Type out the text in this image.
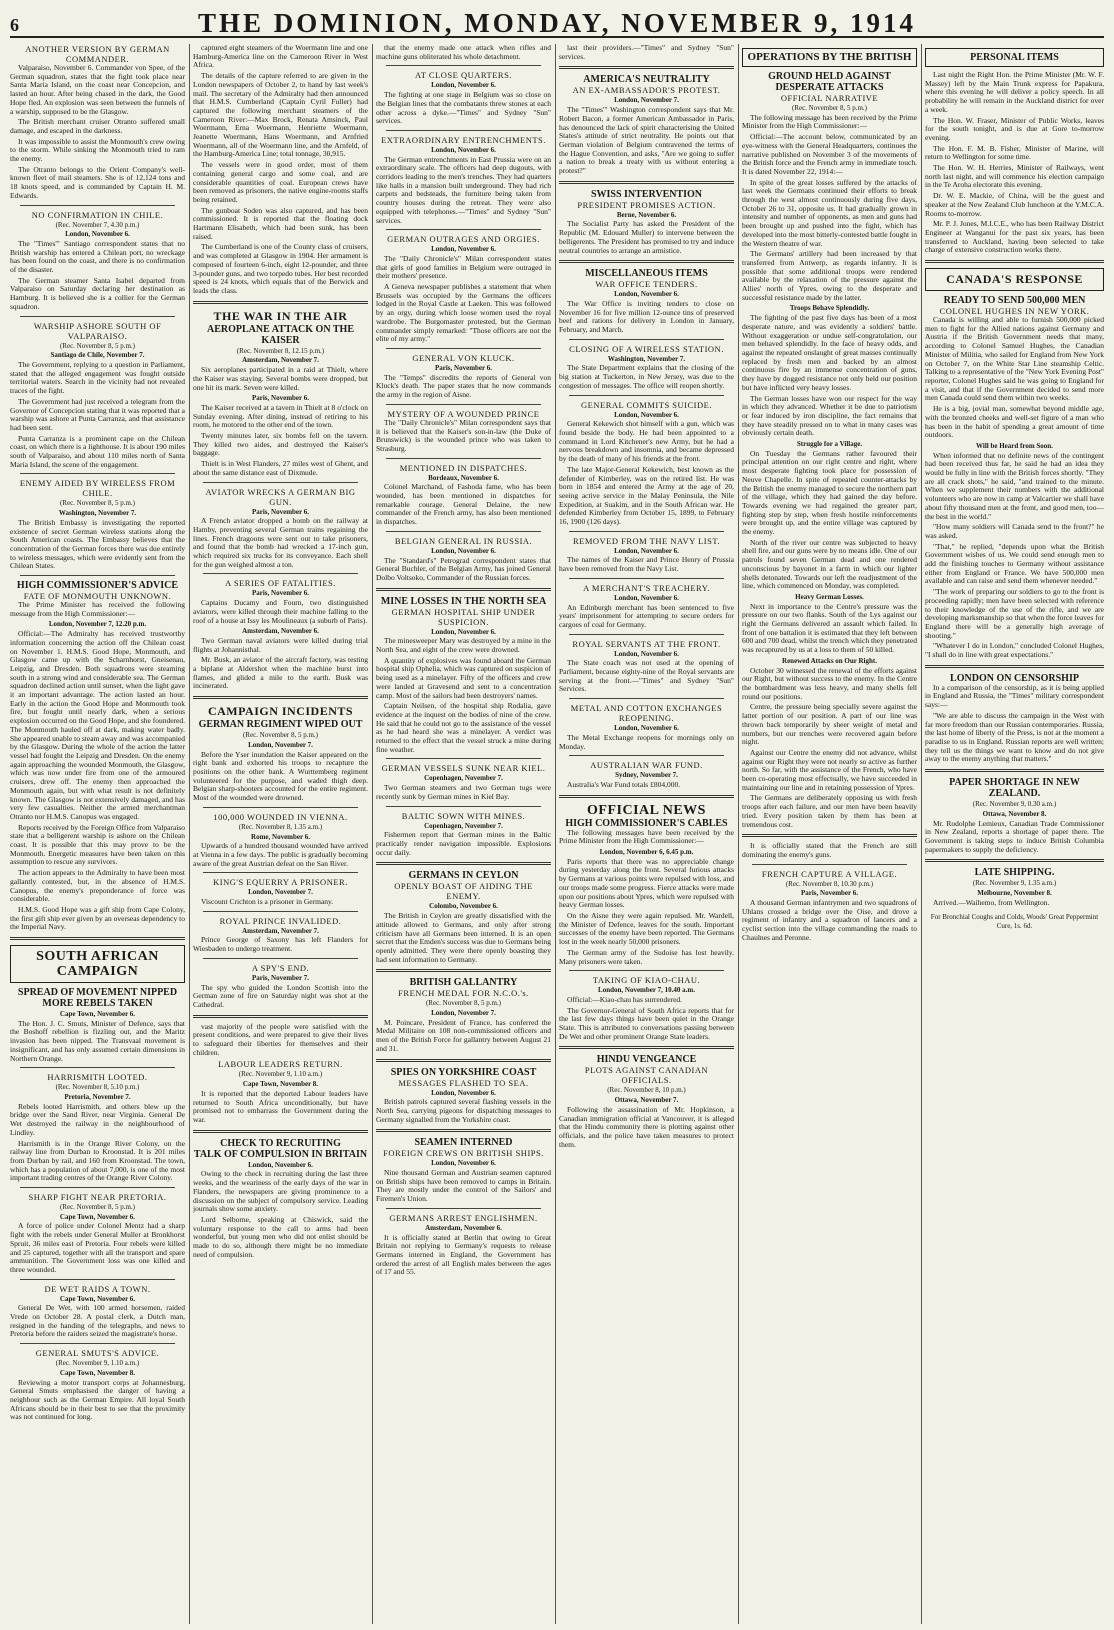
6	THE DOMINION, MONDAY, NOVEMBER 9, 1914
ANOTHER VERSION BY GERMAN COMMANDER.

Valparaiso, November 6. Commander von Spee, of the German squadron, states that the fight took place near Santa Maria Island, on the coast near Concepcion, and lasted an hour. After being chased in the dark, the Good Hope fled. An explosion was seen between the funnels of a warship, supposed to be the Glasgow.

The British merchant cruiser Otranto suffered small damage, and escaped in the darkness.

It was impossible to assist the Monmouth's crew owing to the storm. While sinking the Monmouth tried to ram the enemy.

The Otranto belongs to the Orient Company's well-known fleet of mail steamers. She is of 12,124 tons and 18 knots speed, and is commanded by Captain H. M. Edwards.

NO CONFIRMATION IN CHILE.
(Rec. November 7, 4.30 p.m.)
London, November 6.

The "Times'" Santiago correspondent states that no British warship has entered a Chilean port, no wreckage has been found on the coast, and there is no confirmation of the disaster.

The German steamer Santa Isabel departed from Valparaiso on Saturday declaring her destination as Hamburg. It is believed she is a collier for the German squadron.

WARSHIP ASHORE SOUTH OF VALPARAISO.
(Rec. November 8, 5 p.m.)
Santiago de Chile, November 7.

The Government, replying to a question in Parliament, stated that the alleged engagement was fought outside territorial waters. Search in the vicinity had not revealed traces of the fight.

The Government had just received a telegram from the Governor of Concepcion stating that it was reported that a warship was ashore at Punta Carranza, and that assistance had been sent.

Punta Carranza is a prominent cape on the Chilean coast, on which there is a lighthouse. It is about 190 miles south of Valparaiso, and about 110 miles north of Santa Maria Island, the scene of the engagement.

ENEMY AIDED BY WIRELESS FROM CHILE.
(Rec. November 8, 5 p.m.)
Washington, November 7.

The British Embassy is investigating the reported existence of secret German wireless stations along the South American coasts. The Embassy believes that the concentration of the German forces there was due entirely to wireless messages, which were evidently sent from the Chilean States.

HIGH COMMISSIONER'S ADVICE
FATE OF MONMOUTH UNKNOWN.

The Prime Minister has received the following message from the High Commissioner:—

London, November 7, 12.20 p.m.

Official:—The Admiralty has received trustworthy information concerning the action off the Chilean coast on November 1. H.M.S. Good Hope, Monmouth, and Glasgow came up with the Scharnhorst, Gneisenau, Leipzig, and Dresden. Both squadrons were steaming south in a strong wind and considerable sea. The German squadron declined action until sunset, when the light gave it an important advantage. The action lasted an hour. Early in the action the Good Hope and Monmouth took fire, but fought until nearly dark, when a serious explosion occurred on the Good Hope, and she foundered. The Monmouth hauled off at dark, making water badly. She appeared unable to steam away and was accompanied by the Glasgow. During the whole of the action the latter vessel had fought the Leipzig and Dresden. On the enemy again approaching the wounded Monmouth, the Glasgow, which was now under fire from one of the armoured cruisers, drew off. The enemy then approached the Monmouth again, but with what result is not definitely known. The Glasgow is not extensively damaged, and has very few casualties. Neither the armed merchantman Otranto nor H.M.S. Canopus was engaged.

Reports received by the Foreign Office from Valparaiso state that a belligerent warship is ashore on the Chilean coast. It is possible that this may prove to be the Monmouth. Energetic measures have been taken on this assumption to rescue any survivors.

The action appears to the Admiralty to have been most gallantly contested, but, in the absence of H.M.S. Canopus, the enemy's preponderance of force was considerable.

H.M.S. Good Hope was a gift ship from Cape Colony, the first gift ship ever given by an overseas dependency to the Imperial Navy.

SOUTH AFRICAN CAMPAIGN
SPREAD OF MOVEMENT NIPPED
MORE REBELS TAKEN
Cape Town, November 6.

The Hon. J. C. Smuts, Minister of Defence, says that the Boshoff rebellion is fizzling out, and the Maritz invasion has been nipped. The Transvaal movement is insignificant, and has only assumed certain dimensions in Northern Orange.

HARRISMITH LOOTED.
(Rec. November 8, 5.10 p.m.)
Pretoria, November 7.

Rebels looted Harrismith, and others blew up the bridge over the Sand River, near Virginia. General De Wet destroyed the railway in the neighbourhood of Lindley.

Harrismith is in the Orange River Colony, on the railway line from Durban to Kroonstad. It is 201 miles from Durban by rail, and 160 from Kroonstad. The town, which has a population of about 7,000, is one of the most important trading centres of the Orange River Colony.

SHARP FIGHT NEAR PRETORIA.
(Rec. November 8, 5 p.m.)
Cape Town, November 6.

A force of police under Colonel Mentz had a sharp fight with the rebels under General Muller at Bronkhorst Spruit, 36 miles east of Pretoria. Four rebels were killed and 25 captured, together with all the transport and spare ammunition. The Government loss was one killed and three wounded.

DE WET RAIDS A TOWN.
Cape Town, November 6.

General De Wet, with 100 armed horsemen, raided Vrede on October 28. A postal clerk, a Dutch man, resigned in the handing of the telegraphs, and news to Pretoria before the raiders seized the magistrate's horse.

GENERAL SMUTS'S ADVICE.
(Rec. November 9, 1.10 a.m.)
Cape Town, November 8.

Reviewing a motor transport corps at Johannesburg, General Smuts emphasised the danger of having a neighbour such as the German Empire. All loyal South Africans should be in their best to see that the proximity was not continued for long.

captured eight steamers of the Woermann line and one Hamburg-America line on the Cameroon River in West Africa.

The details of the capture referred to are given in the London newspapers of October 2, to hand by last week's mail. The secretary of the Admiralty had then announced that H.M.S. Cumberland (Captain Cyril Fuller) had captured the following merchant steamers of the Cameroon River:—Max Brock, Renata Amsinck, Paul Woermann, Erna Woermann, Henriette Woermann, Jeanette Woermann, Hans Woermann, and Arnfried Woermann, all of the Woermann line, and the Arnfeld, of the Hamburg-America Line; total tonnage, 30,915.

The vessels were in good order, most of them containing general cargo and some coal, and are considerable quantities of coal. European crews have been removed as prisoners, the native engine-rooms staffs being retained.

The gunboat Soden was also captured, and has been commissioned. It is reported that the floating dock Hartmann Elisabeth, which had been sunk, has been raised.

The Cumberland is one of the County class of cruisers, and was completed at Glasgow in 1904. Her armament is composed of fourteen 6-inch, eight 12-pounder, and three 3-pounder guns, and two torpedo tubes. Her best recorded speed is 24 knots, which equals that of the Berwick and leads the class.

THE WAR IN THE AIR
AEROPLANE ATTACK ON THE KAISER
(Rec. November 8, 12.15 p.m.)
Amsterdam, November 7.

Six aeroplanes participated in a raid at Thielt, where the Kaiser was staying. Several bombs were dropped, but one hit its mark. Seven were killed.

Paris, November 6.

The Kaiser received at a tavern in Thielt at 8 o'clock on Sunday evening. After dining, instead of retiring to his room, he motored to the other end of the town.

Twenty minutes later, six bombs fell on the tavern. They killed two aides, and destroyed the Kaiser's baggage.

Thielt is in West Flanders, 27 miles west of Ghent, and about the same distance east of Dixmude.

AVIATOR WRECKS A GERMAN BIG GUN.
Paris, November 6.

A French aviator dropped a bomb on the railway at Hamby, preventing several German trains regaining the lines. French dragoons were sent out to take prisoners, and found that the bomb had wrecked a 17-inch gun, which required six trucks for its conveyance. Each shell for the gun weighed almost a ton.

A SERIES OF FATALITIES.
Paris, November 6.

Captains Ducamy and Fourn, two distinguished aviators, were killed through their machine falling to the roof of a house at Issy les Moulineaux (a suburb of Paris).

Amsterdam, November 6.

Two German naval aviators were killed during trial flights at Johannisthal.

Mr. Busk, an aviator of the aircraft factory, was testing a biplane at Aldershot when the machine burst into flames, and glided a mile to the earth. Busk was incinerated.

CAMPAIGN INCIDENTS
GERMAN REGIMENT WIPED OUT
(Rec. November 8, 5 p.m.)
London, November 7.

Before the Yser inundation the Kaiser appeared on the right bank and exhorted his troops to recapture the positions on the other bank. A Wurttemberg regiment volunteered for the purpose, and waded thigh deep. Belgian sharp-shooters accounted for the entire regiment. Most of the wounded were drowned.

100,000 WOUNDED IN VIENNA.
(Rec. November 8, 1.35 a.m.)
Rome, November 6.

Upwards of a hundred thousand wounded have arrived at Vienna in a few days. The public is gradually becoming aware of the great Austrian defeat on the San River.

KING'S EQUERRY A PRISONER.
London, November 7.

Viscount Crichton is a prisoner in Germany.

ROYAL PRINCE INVALIDED.
Amsterdam, November 7.

Prince George of Saxony has left Flanders for Wiesbaden to undergo treatment.

A SPY'S END.
Paris, November 7.

The spy who guided the London Scottish into the German zone of fire on Saturday night was shot at the Cathedral.

vast majority of the people were satisfied with the present conditions, and were prepared to give their lives to safeguard their liberties for themselves and their children.

LABOUR LEADERS RETURN.
(Rec. November 9, 1.10 a.m.)
Cape Town, November 8.

It is reported that the deported Labour leaders have returned to South Africa unconditionally, but have promised not to embarrass the Government during the war.

CHECK TO RECRUITING
TALK OF COMPULSION IN BRITAIN
London, November 6.

Owing to the check in recruiting during the last three weeks, and the weariness of the early days of the war in Flanders, the newspapers are giving prominence to a discussion on the subject of compulsory service. Leading journals show some anxiety.

Lord Selborne, speaking at Chiswick, said the voluntary response to the call to arms had been wonderful, but young men who did not enlist should be made to do so, although there might be no immediate need of compulsion.

that the enemy made one attack when rifles and machine guns obliterated his whole detachment.

AT CLOSE QUARTERS.
London, November 6.

The fighting at one stage in Belgium was so close on the Belgian lines that the combatants threw stones at each other across a dyke.—"Times" and Sydney "Sun" services.

EXTRAORDINARY ENTRENCHMENTS.
London, November 6.

The German entrenchments in East Prussia were on an extraordinary scale. The officers had deep dugouts, with corridors leading to the men's trenches. They had quarters like halls in a mansion built underground. They had rich carpets and bedsteads, the furniture being taken from country houses during the retreat. They were also equipped with telephones.—"Times" and Sydney "Sun" services.

GERMAN OUTRAGES AND ORGIES.
London, November 6.

The "Daily Chronicle's" Milan correspondent states that girls of good families in Belgium were outraged in their mothers' presence.

A Geneva newspaper publishes a statement that when Brussels was occupied by the Germans the officers lodged in the Royal Castle at Laeken. This was followed by an orgy, during which loose women used the royal wardrobe. The Burgomaster protested, but the German commander simply remarked: "Those officers are not the elite of my army."

GENERAL VON KLUCK.
Paris, November 6.

The "Temps" discredits the reports of General von Kluck's death. The paper states that he now commands the army in the region of Aisne.

MYSTERY OF A WOUNDED PRINCE

The "Daily Chronicle's" Milan correspondent says that it is believed that the Kaiser's son-in-law (the Duke of Brunswick) is the wounded prince who was taken to Strasburg.

MENTIONED IN DISPATCHES.
Bordeaux, November 6.

Colonel Marchand, of Fashoda fame, who has been wounded, has been mentioned in dispatches for remarkable courage. General Delaine, the new commander of the French army, has also been mentioned in dispatches.

BELGIAN GENERAL IN RUSSIA.
London, November 6.

The "Standard's" Petrograd correspondent states that General Buchler, of the Belgian Army, has joined General Dolbo Voltsoko, Commander of the Russian forces.

MINE LOSSES IN THE NORTH SEA
GERMAN HOSPITAL SHIP UNDER SUSPICION.
London, November 6.

The minesweeper Mary was destroyed by a mine in the North Sea, and eight of the crew were drowned.

A quantity of explosives was found aboard the German hospital ship Ophelia, which was captured on suspicion of being used as a minelayer. Fifty of the officers and crew were landed at Gravesend and sent to a concentration camp. Most of the sailors had been destroyers' names.

Captain Neilsen, of the hospital ship Rodalia, gave evidence at the inquest on the bodies of nine of the crew. He said that he could not go to the assistance of the vessel as he had heard she was a minelayer. A verdict was returned to the effect that the vessel struck a mine during fine weather.

GERMAN VESSELS SUNK NEAR KIEL.
Copenhagen, November 7.

Two German steamers and two German tugs were recently sunk by German mines in Kiel Bay.

BALTIC SOWN WITH MINES.
Copenhagen, November 7.

Fishermen report that German mines in the Baltic practically render navigation impossible. Explosions occur daily.

GERMANS IN CEYLON
OPENLY BOAST OF AIDING THE ENEMY.
Colombo, November 6.

The British in Ceylon are greatly dissatisfied with the attitude allowed to Germans, and only after strong criticism have all Germans been interned. It is an open secret that the Emden's success was due to Germans being openly admitted. They were there openly boasting they had sent information to Germany.

BRITISH GALLANTRY
FRENCH MEDAL FOR N.C.O.'s.
(Rec. November 8, 5 p.m.)
London, November 7.

M. Poincare, President of France, has conferred the Medal Militaire on 108 non-commissioned officers and men of the British Force for gallantry between August 21 and 31.

SPIES ON YORKSHIRE COAST
MESSAGES FLASHED TO SEA.
London, November 6.

British patrols captured several flashing vessels in the North Sea, carrying pigeons for dispatching messages to Germany signalled from the Yorkshire coast.

SEAMEN INTERNED
FOREIGN CREWS ON BRITISH SHIPS.
London, November 6.

Nine thousand German and Austrian seamen captured on British ships have been removed to camps in Britain. They are mostly under the control of the Sailors' and Firemen's Union.

GERMANS ARREST ENGLISHMEN.
Amsterdam, November 6.

It is officially stated at Berlin that owing to Great Britain not replying to Germany's requests to release Germans interned in England, the Government has ordered the arrest of all English males between the ages of 17 and 55.

last their providers.—"Times" and Sydney "Sun" services.

AMERICA'S NEUTRALITY
AN EX-AMBASSADOR'S PROTEST.
London, November 7.

The "Times'" Washington correspondent says that Mr. Robert Bacon, a former American Ambassador in Paris, has denounced the lack of spirit characterising the United States's attitude of strict neutrality. He points out that German violation of Belgium contravened the terms of the Hague Convention, and asks, "Are we going to suffer a nation to break a treaty with us without entering a protest?"

SWISS INTERVENTION
PRESIDENT PROMISES ACTION.
Berne, November 6.

The Socialist Party has asked the President of the Republic (M. Edouard Muller) to intervene between the belligerents. The President has promised to try and induce neutral countries to arrange an armistice.

MISCELLANEOUS ITEMS
WAR OFFICE TENDERS.
London, November 6.

The War Office is inviting tenders to close on November 16 for five million 12-ounce tins of preserved beef and rations for delivery in London in January, February, and March.

CLOSING OF A WIRELESS STATION.
Washington, November 7.

The State Department explains that the closing of the big station at Tuckerton, in New Jersey, was due to the congestion of messages. The office will reopen shortly.

GENERAL COMMITS SUICIDE.
London, November 6.

General Kekewich shot himself with a gun, which was found beside the body. He had been appointed to a command in Lord Kitchener's new Army, but he had a nervous breakdown and insomnia, and became depressed by the death of many of his friends at the front.

The late Major-General Kekewich, best known as the defender of Kimberley, was on the retired list. He was born in 1854 and entered the Army at the age of 20, seeing active service in the Malay Peninsula, the Nile Expedition, at Suakim, and in the South African war. He defended Kimberley from October 15, 1899, to February 16, 1900 (126 days).

REMOVED FROM THE NAVY LIST.
London, November 6.

The names of the Kaiser and Prince Henry of Prussia have been removed from the Navy List.

A MERCHANT'S TREACHERY.
London, November 6.

An Edinburgh merchant has been sentenced to five years' imprisonment for attempting to secure orders for cargoes of coal for Germany.

ROYAL SERVANTS AT THE FRONT.
London, November 6.

The State coach was not used at the opening of Parliament, because eighty-nine of the Royal servants are serving at the front.—"Times" and Sydney "Sun" Services.

METAL AND COTTON EXCHANGES REOPENING.
London, November 6.

The Metal Exchange reopens for mornings only on Monday.

AUSTRALIAN WAR FUND.
Sydney, November 7.

Australia's War Fund totals £804,000.

OFFICIAL NEWS
HIGH COMMISSIONER'S CABLES

The following messages have been received by the Prime Minister from the High Commissioner:—

London, November 6, 6.45 p.m.

Paris reports that there was no appreciable change during yesterday along the front. Several furious attacks by Germans at various points were repulsed with loss, and our troops made some progress. Fierce attacks were made upon our positions about Ypres, which were repulsed with heavy German losses.

On the Aisne they were again repulsed. Mr. Wardell, the Minister of Defence, leaves for the south. Important successes of the enemy have been reported. The Germans lost in the week nearly 50,000 prisoners.

The German army of the Sudoise has lost heavily. Many prisoners were taken.

TAKING OF KIAO-CHAU.
London, November 7, 10.40 a.m.

Official:—Kiao-chau has surrendered.

The Governor-General of South Africa reports that for the last few days things have been quiet in the Orange State. This is attributed to conversations passing between De Wet and other prominent Orange State leaders.

HINDU VENGEANCE
PLOTS AGAINST CANADIAN OFFICIALS.
(Rec. November 8, 10 p.m.)
Ottawa, November 7.

Following the assassination of Mr. Hopkinson, a Canadian immigration official at Vancouver, it is alleged that the Hindu community there is plotting against other officials, and the police have taken measures to protect them.

OPERATIONS BY THE BRITISH
GROUND HELD AGAINST DESPERATE ATTACKS
OFFICIAL NARRATIVE
(Rec. November 8, 5 p.m.)

The following message has been received by the Prime Minister from the High Commissioner:—

Official:—The account below, communicated by an eye-witness with the General Headquarters, continues the narrative published on November 3 of the movements of the British force and the French army in immediate touch. It is dated November 22, 1914:—

In spite of the great losses suffered by the attacks of last week the Germans continued their efforts to break through the west almost continuously during five days, October 26 to 31, opposite us. It had gradually grown in intensity and number of opponents, as men and guns had been brought up and pushed into the fight, which has developed into the most bitterly-contested battle fought in the Western theatre of war.

The Germans' artillery had been increased by that transferred from Antwerp, as regards infantry. It is possible that some additional troops were rendered available by the relaxation of the pressure against the Allies' north of Ypres, owing to the desperate and successful resistance made by the latter.

Troops Behave Splendidly.

The fighting of the past five days has been of a most desperate nature, and was evidently a soldiers' battle. Without exaggeration or undue self-congratulation, our men behaved splendidly. In the face of heavy odds, and against the repeated onslaught of great masses continually replaced by fresh men and backed by an almost continuous fire by an immense concentration of guns, they have by dogged resistance not only held our position but have inflicted very heavy losses.

The German losses have won our respect for the way in which they advanced. Whether it be due to patriotism or fear induced by iron discipline, the fact remains that they have steadily pressed on to what in many cases was obviously certain death.

Struggle for a Village.

On Tuesday the Germans rather favoured their principal attention on our right centre and right, where most desperate fighting took place for possession of Neuve Chapelle. In spite of repeated counter-attacks by the British the enemy managed to secure the northern part of the village, which they had gained the day before. Towards evening we had regained the greater part, fighting step by step, when fresh hostile reinforcements were brought up, and the entire village was captured by the enemy.

North of the river our centre was subjected to heavy shell fire, and our guns were by no means idle. One of our patrols found seven German dead and one rendered unconscious by bayonet in a farm in which our lighter shells detonated. Towards our left the readjustment of the line, which commenced on Monday, was completed.

Heavy German Losses.

Next in importance to the Centre's pressure was the pressure on our two flanks. South of the Lys against our right the Germans delivered an assault which failed. In front of one battalion it is estimated that they left between 600 and 700 dead, whilst the trench which they penetrated was recaptured by us at a loss to them of 50 killed.

Renewed Attacks on Our Right.

October 30 witnessed the renewal of the efforts against our Right, but without success to the enemy. In the Centre the bombardment was less heavy, and many shells fell round our positions.

Centre, the pressure being specially severe against the latter portion of our position. A part of our line was thrown back temporarily by sheer weight of metal and numbers, but our trenches were recovered again before night.

Against our Centre the enemy did not advance, whilst against our Right they were not nearly so active as further north. So far, with the assistance of the French, who have been co-operating most effectually, we have succeeded in maintaining our line and in retaining possession of Ypres.

The Germans are deliberately opposing us with fresh troops after each failure, and our men have been heavily tried. Every position taken by them has been at tremendous cost.

It is officially stated that the French are still dominating the enemy's guns.

FRENCH CAPTURE A VILLAGE.
(Rec. November 8, 10.30 p.m.)
Paris, November 6.

A thousand German infantrymen and two squadrons of Uhlans crossed a bridge over the Oise, and drove a regiment of infantry and a squadron of lancers and a cyclist section into the village commanding the roads to Chaulnes and Peronne.

PERSONAL ITEMS

Last night the Right Hon. the Prime Minister (Mr. W. F. Massey) left by the Main Trunk express for Papakura, where this evening he will deliver a policy speech. In all probability he will remain in the Auckland district for over a week.

The Hon. W. Fraser, Minister of Public Works, leaves for the south tonight, and is due at Gore to-morrow evening.

The Hon. F. M. B. Fisher, Minister of Marine, will return to Wellington for some time.

The Hon. W. H. Herries, Minister of Railways, went north last night, and will commence his election campaign in the Te Aroha electorate this evening.

Dr. W. E. Mackie, of China, will be the guest and speaker at the New Zealand Club luncheon at the Y.M.C.A. Rooms to-morrow.

Mr. P. J. Jones, M.I.C.E., who has been Railway District Engineer at Wanganui for the past six years, has been transferred to Auckland, having been selected to take charge of extensive construction works there.

CANADA'S RESPONSE
READY TO SEND 500,000 MEN
COLONEL HUGHES IN NEW YORK.

Canada is willing and able to furnish 500,000 picked men to fight for the Allied nations against Germany and Austria if the British Government needs that many, according to Colonel Samuel Hughes, the Canadian Minister of Militia, who sailed for England from New York on October 7, on the White Star Line steamship Celtic. Talking to a representative of the "New York Evening Post" reporter, Colonel Hughes said he was going to England for a visit, and that if the Government decided to send more men Canada could send them within two weeks.

He is a big, jovial man, somewhat beyond middle age, with the bronzed cheeks and well-set figure of a man who has been in the habit of spending a great amount of time outdoors.

Will be Heard from Soon.

When informed that no definite news of the contingent had been received thus far, he said he had an idea they would be fully in line with the British forces shortly. "They are all crack shots," he said, "and trained to the minute. When we supplement their numbers with the additional volunteers who are now in camp at Valcartier we shall have about fifty thousand men at the front, and good men, too—the best in the world."

"How many soldiers will Canada send to the front?" he was asked.

"That," he replied, "depends upon what the British Government wishes of us. We could send enough men to add the finishing touches to Germany without assistance either from England or France. We have 500,000 men available and can raise and send them whenever needed."

"The work of preparing our soldiers to go to the front is proceeding rapidly; men have been selected with reference to their knowledge of the use of the rifle, and we are developing marksmanship so that when the force leaves for England there will be a generally high average of shooting."

"Whatever I do in London," concluded Colonel Hughes, "I shall do in line with great expectations."

LONDON ON CENSORSHIP

In a comparison of the censorship, as it is being applied in England and Russia, the "Times" military correspondent says:—

"We are able to discuss the campaign in the West with far more freedom than our Russian contemporaries. Russia, the last home of liberty of the Press, is not at the moment a paradise to us in England. Russian reports are well written; they tell us the things we want to know and do not give away to the enemy anything that matters."

PAPER SHORTAGE IN NEW ZEALAND.
(Rec. November 9, 0.30 a.m.)
Ottawa, November 8.

Mr. Rodolphe Lemieux, Canadian Trade Commissioner in New Zealand, reports a shortage of paper there. The Government is taking steps to induce British Columbia papermakers to supply the deficiency.

LATE SHIPPING.
(Rec. November 9, 1.35 a.m.)
Melbourne, November 8.

Arrived.—Waihemo, from Wellington.

For Bronchial Coughs and Colds, Woods' Great Peppermint Cure, 1s. 6d.
